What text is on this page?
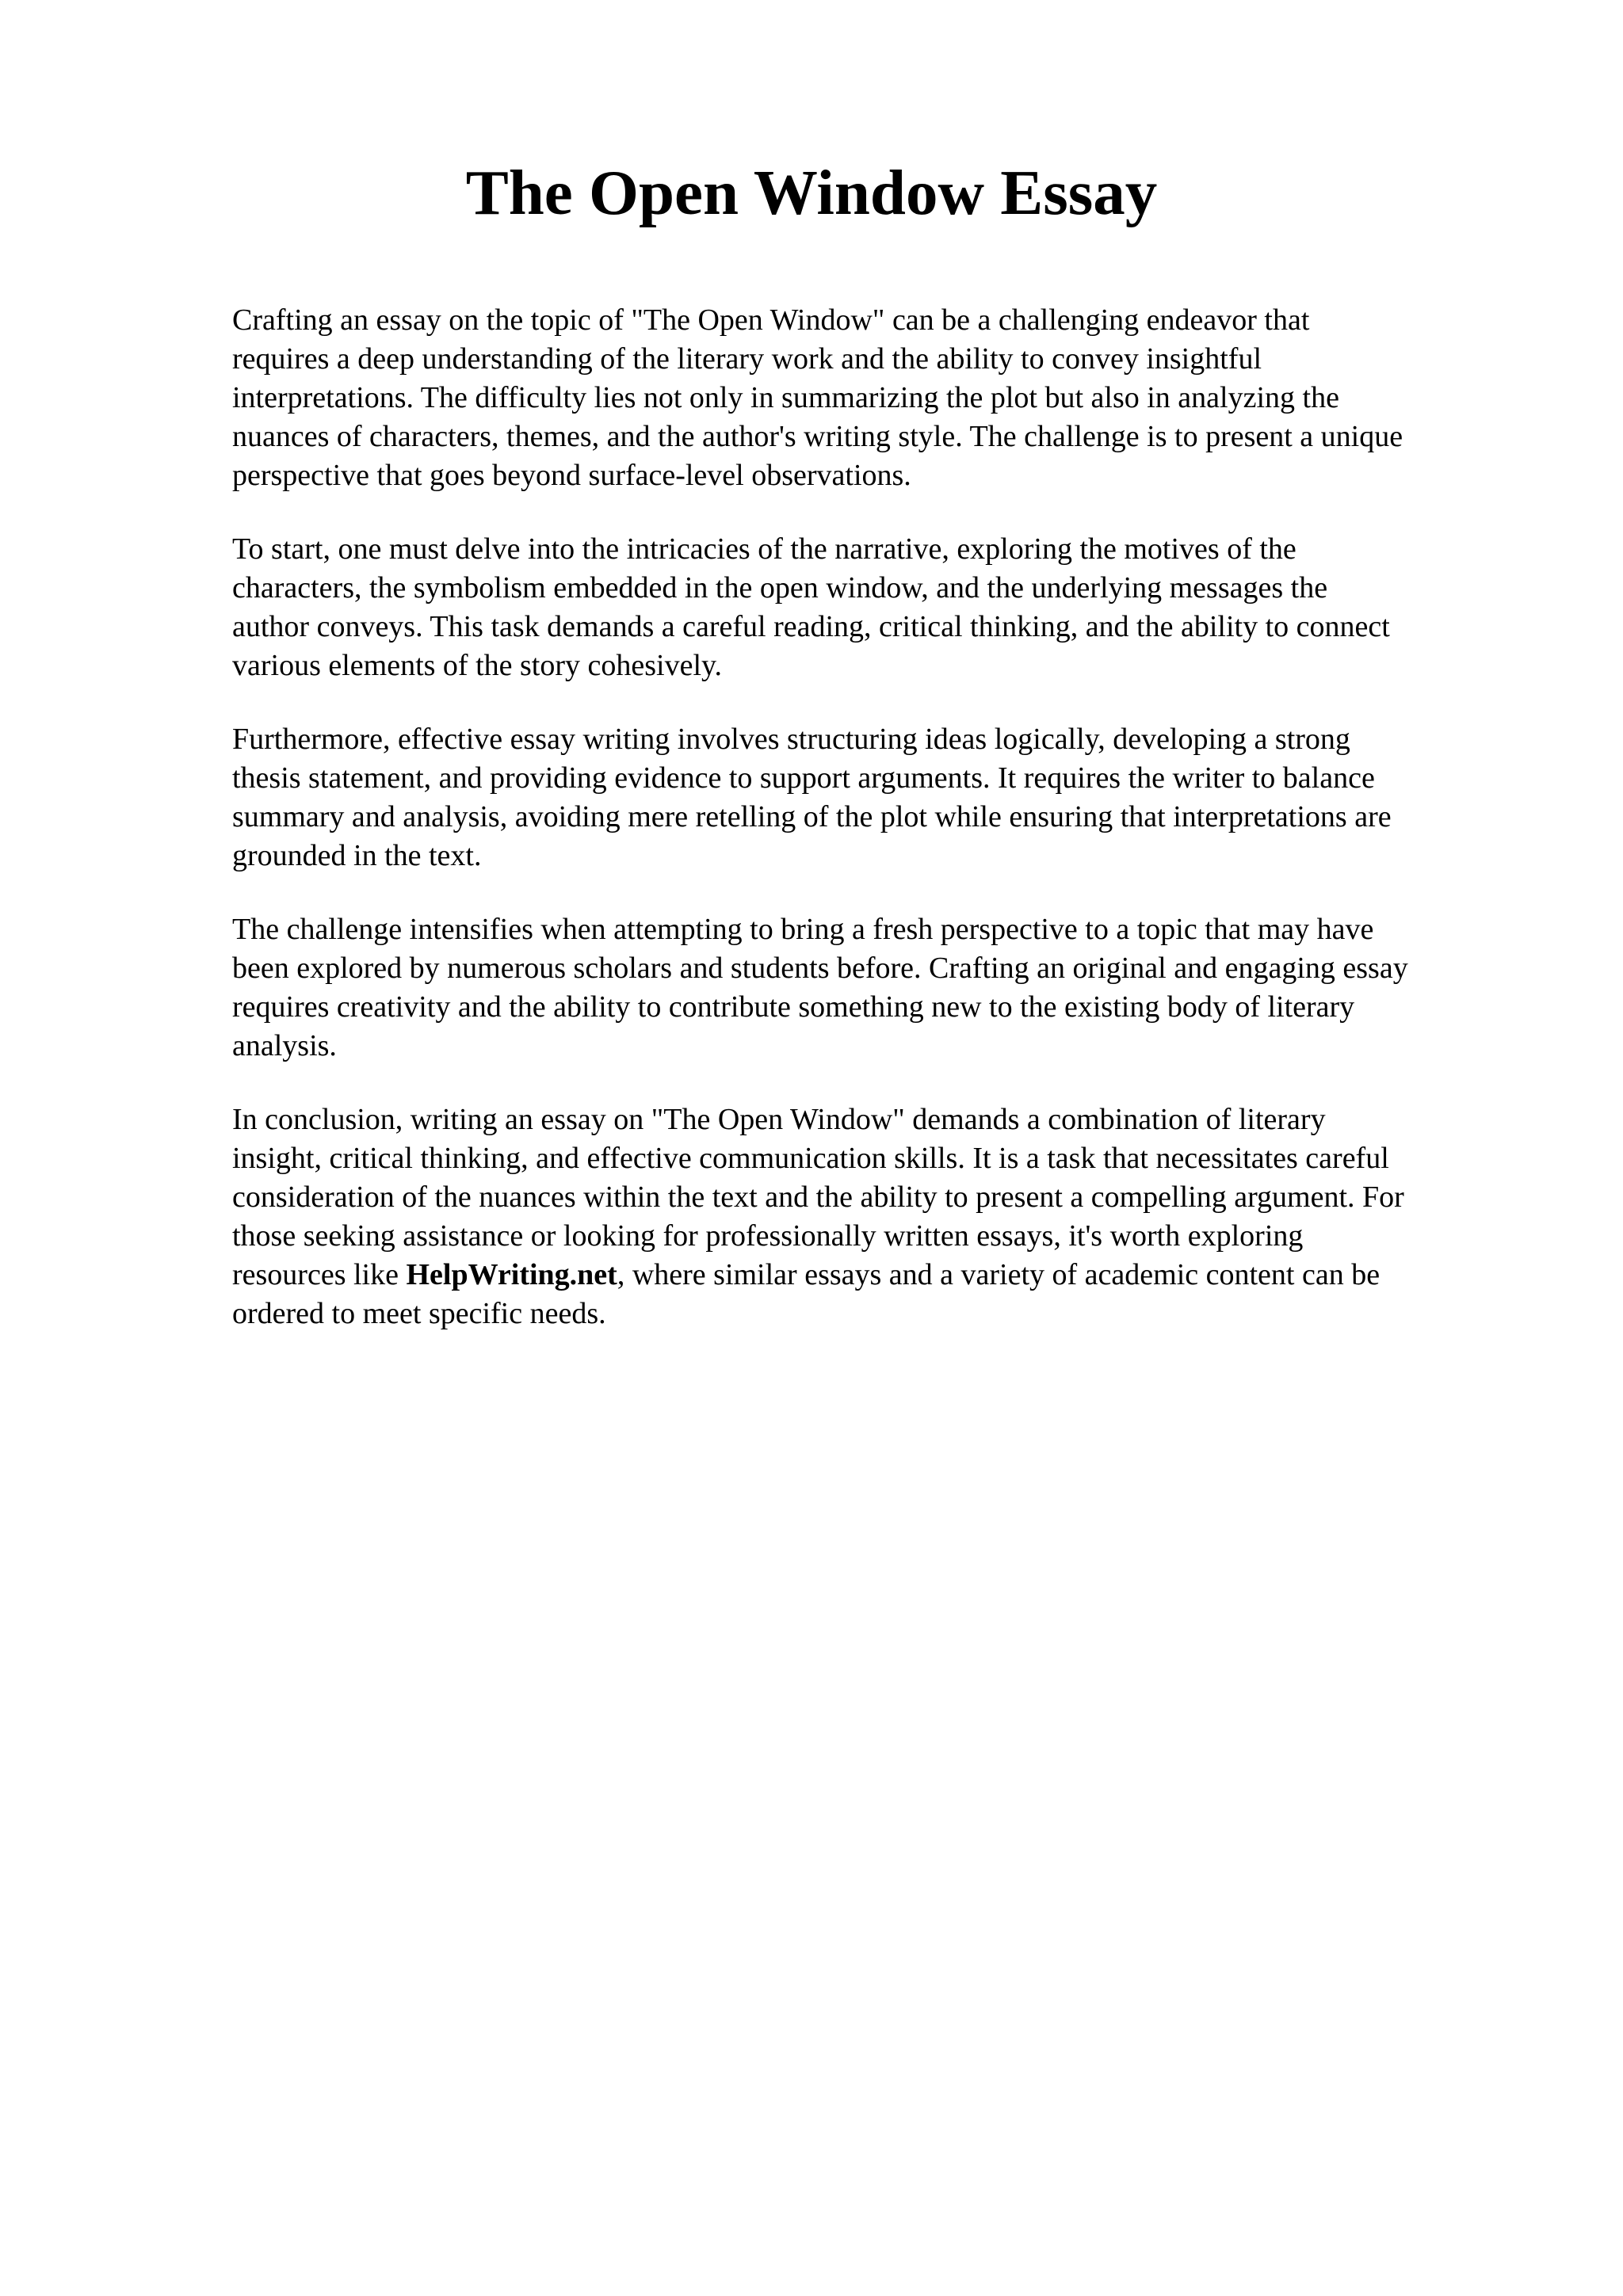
The Open Window Essay

Crafting an essay on the topic of "The Open Window" can be a challenging endeavor that
requires a deep understanding of the literary work and the ability to convey insightful
interpretations. The difficulty lies not only in summarizing the plot but also in analyzing the
nuances of characters, themes, and the author's writing style. The challenge is to present a unique
perspective that goes beyond surface-level observations.

To start, one must delve into the intricacies of the narrative, exploring the motives of the
characters, the symbolism embedded in the open window, and the underlying messages the
author conveys. This task demands a careful reading, critical thinking, and the ability to connect
various elements of the story cohesively.

Furthermore, effective essay writing involves structuring ideas logically, developing a strong
thesis statement, and providing evidence to support arguments. It requires the writer to balance
summary and analysis, avoiding mere retelling of the plot while ensuring that interpretations are
grounded in the text.

The challenge intensifies when attempting to bring a fresh perspective to a topic that may have
been explored by numerous scholars and students before. Crafting an original and engaging essay
requires creativity and the ability to contribute something new to the existing body of literary
analysis.

In conclusion, writing an essay on "The Open Window" demands a combination of literary
insight, critical thinking, and effective communication skills. It is a task that necessitates careful
consideration of the nuances within the text and the ability to present a compelling argument. For
those seeking assistance or looking for professionally written essays, it's worth exploring
resources like HelpWriting.net, where similar essays and a variety of academic content can be
ordered to meet specific needs.
